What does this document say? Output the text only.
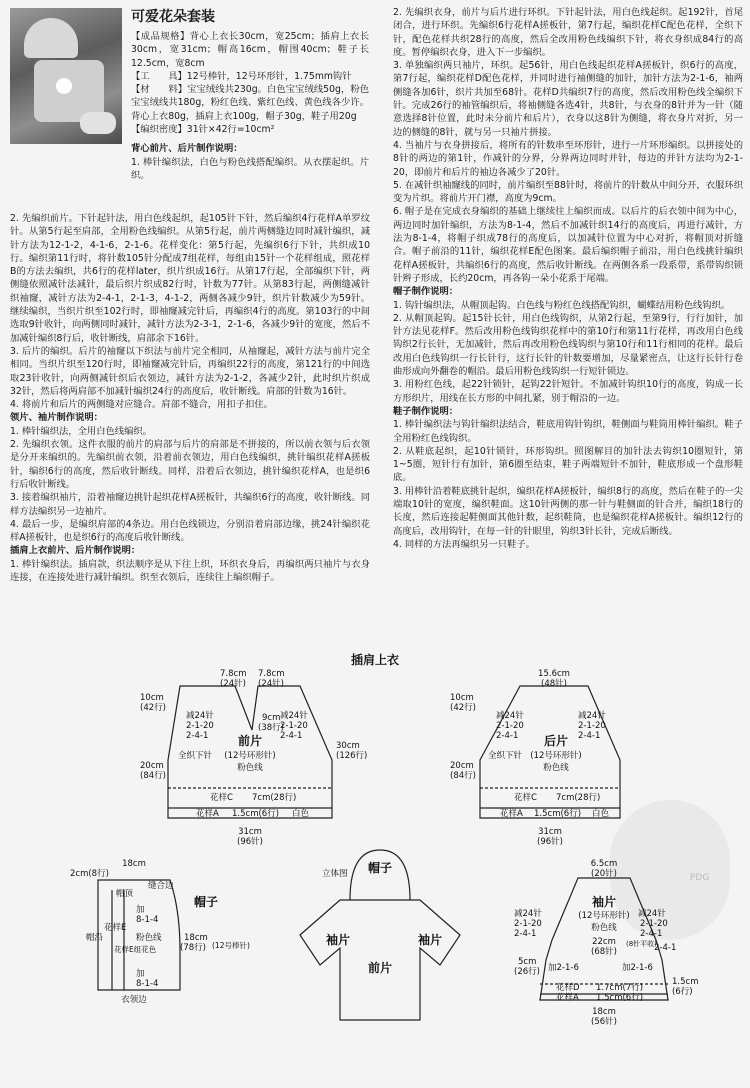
可爱花朵套装

【成品规格】背心上衣长30cm，宽25cm；插肩上衣长30cm，宽31cm；帽高16cm，帽围40cm；鞋子长12.5cm，宽8cm

【工　　具】12号棒针，12号环形针，1.75mm钩针

【材　　料】宝宝绒线共230g。白色宝宝绒线50g，粉色宝宝绒线共180g，粉红色线、紫红色线、黄色线各少许。背心上衣80g，插肩上衣100g，帽子30g，鞋子用20g

【编织密度】31针×42行=10cm²

背心前片、后片制作说明：

1. 棒针编织法，白色与粉色线搭配编织。从衣摆起织。片织。

2. 先编织前片。下针起针法，用白色线起织，起105针下针，然后编织4行花样A单罗纹针。从第5行起至肩部，全用粉色线编织。从第5行起，前片两侧缝边同时减针编织，减针方法为12-1-2，4-1-6，2-1-6。花样变化：第5行起，先编织6行下针，共织成10行。编织第11行时，将针数105针分配成7组花样，每组由15针一个花样组成，照花样B的方法去编织，共6行的花样later，织片织成16行。从第17行起，全部编织下针，两侧缝依照减针法减针，最后织片织成82行时，针数为77针。从第83行起，两侧缝减针织袖窿，减针方法为2-4-1，2-1-3，4-1-2，两侧各减少9针，织片针数减少为59针。继续编织，当织片织至102行时，即袖窿减完针后，再编织4行的高度。第103行的中间选取9针收针，向两侧同时减针，减针方法为2-3-1，2-1-6，各减少9针的宽度，然后不加减针编织8行后，收针断线，肩部余下16针。

3. 后片的编织。后片的袖窿以下织法与前片完全相同，从袖窿起，减针方法与前片完全相同。当织片织至120行时，即袖窿减完针后，再编织22行的高度，第121行的中间选取23针收针，向两侧减针织后衣领边，减针方法为2-1-2，各减少2针，此时织片织成32针，然后将两肩部不加减针编织24行的高度后，收针断线。肩部的针数为16针。

4. 将前片和后片的两侧缝对应缝合。肩部不缝合，用扣子扣住。

领片、袖片制作说明：

1. 棒针编织法，全用白色线编织。

2. 先编织衣领。这件衣服的前片的肩部与后片的肩部是不拼接的，所以前衣领与后衣领是分开来编织的。先编织前衣领，沿着前衣领边，用白色线编织，挑针编织花样A搓板针，编织6行的高度，然后收针断线。同样，沿着后衣领边，挑针编织花样A，也是织6行后收针断线。

3. 接着编织袖片，沿着袖窿边挑针起织花样A搓板针，共编织6行的高度，收针断线。同样方法编织另一边袖片。

4. 最后一步，是编织肩部的4条边。用白色线锁边，分别沿着肩部边缘，挑24针编织花样A搓板针，也是织6行的高度后收针断线。

插肩上衣前片、后片制作说明：

1. 棒针编织法。插肩款，织法顺序是从下往上织，环织衣身后，再编织两只袖片与衣身连接，在连接处进行减针编织。织至衣领后，连续往上编织帽子。

2. 先编织衣身，前片与后片进行环织。下针起针法，用白色线起织。起192针，首尾闭合，进行环织。先编织6行花样A搓板针，第7行起，编织花样C配色花样，全织下针，配色花样共织28行的高度，然后全改用粉色线编织下针，将衣身织成84行的高度。暂停编织衣身，进入下一步编织。

3. 单独编织两只袖片，环织。起56针，用白色线起织花样A搓板针，织6行的高度，第7行起，编织花样D配色花样，并同时进行袖侧缝的加针，加针方法为2-1-6，袖两侧缝各加6针，织片共加至68针。花样D共编织7行的高度，然后改用粉色线全编织下针。完成26行的袖管编织后，将袖侧缝各选4针，共8针，与衣身的8针并为一针（随意选择8针位置，此时未分前片和后片），衣身以这8针为侧缝，将衣身片对折，另一边的侧缝的8针，就与另一只袖片拼接。

4. 当袖片与衣身拼接后，将所有的针数串至环形针，进行一片环形编织。以拼接处的8针的两边的第1针，作减针的分界，分界两边同时并针，每边的并针方法均为2-1-20，即前片和后片的袖边各减少了20针。

5. 在减针织袖窿线的同时，前片编织至88针时，将前片的针数从中间分开，衣服环织变为片织。将前片开门襟，高度为9cm。

6. 帽子是在完成衣身编织的基础上继续往上编织而成。以后片的后衣领中间为中心，两边同时加针编织，方法为8-1-4，然后不加减针织14行的高度后，再进行减针，方法为8-1-4，将帽子织成78行的高度后，以加减针位置为中心对折，将帽顶对折缝合。帽子前沿的11针，编织花样E配色图案。最后编织帽子前沿，用白色线挑针编织花样A搓板针，共编织6行的高度，然后收针断线。在两侧各系一段系带，系带钩织锁针辫子形成，长约20cm，再各钩一朵小花系于尾端。

帽子制作说明：

1. 钩针编织法，从帽顶起钩。白色线与粉红色线搭配钩织，蝴蝶结用粉色线钩织。

2. 从帽顶起钩。起15针长针，用白色线钩织，从第2行起，至第9行，行行加针，加针方法见花样F。然后改用粉色线钩织花样中的第10行和第11行花样，再改用白色线钩织2行长针，无加减针，然后再改用粉色线钩织与第10行和11行相同的花样。最后改用白色线钩织一行长针行，这行长针的针数要增加，尽量紧密点，让这行长针行卷曲形成向外翻卷的帽沿。最后用粉色线钩织一行短针锁边。

3. 用粉红色线，起22针锁针，起钩22针短针。不加减针钩织10行的高度，钩成一长方形织片，用线在长方形的中间扎紧，别于帽沿的一边。

鞋子制作说明：

1. 棒针编织法与钩针编织法结合，鞋底用钩针钩织，鞋侧面与鞋筒用棒针编织。鞋子全用粉红色线钩织。

2. 从鞋底起织，起10针锁针，环形钩织。照图解目的加针法去钩织10圈短针，第1~5圈，短针行有加针，第6圈至结束，鞋子两端短针不加针，鞋底形成一个盘形鞋底。

3. 用棒针沿着鞋底挑针起织，编织花样A搓板针，编织8行的高度，然后在鞋子的一尖端取10针的宽度，编织鞋面。这10针两侧的那一针与鞋侧面的针合并，编织18行的长度，然后连接起鞋侧面其他针数，起织鞋筒，也是编织花样A搓板针。编织12行的高度后，改用钩针，在每一针的针眼里，钩织3针长针，完成后断线。

4. 同样的方法再编织另一只鞋子。

插肩上衣
7.8cm
(24针)
7.8cm
(24针)
9cm
(38行)
10cm
(42行)
减24针
2-1-20
2-4-1
减24针
2-1-20
2-4-1
前片
全织下针 (12号环形针)
粉色线
20cm
(84行)
30cm
(126行)
花样C 7cm(28行)
花样A 1.5cm(6行) 白色
31cm
(96针)
15.6cm
(48针)
10cm
(42行)
减24针
2-1-20
2-4-1
减24针
2-1-20
2-4-1
后片
全织下针 (12号环形针)
粉色线
20cm
(84行)
花样C 7cm(28行)
花样A 1.5cm(6行) 白色
31cm
(96针)
18cm
2cm(8行)
缝合边
帽顶
加
8-1-4
粉色线
花样E
花样E组花色
帽沿	18cm
(78行)
加
8-1-4
衣领边
帽子
(12号棒针)
立体图 帽子
袖片	袖片
前片
6.5cm
(20针)
袖片
(12号环形针)
粉色线
减24针
2-1-20
2-4-1
减24针
2-1-20
2-4-1
22cm
(68针)
(8针平收)
2-4-1
5cm
(26行) 加2-1-6	加2-1-6
花样D 1.7cm(7行)
花样A 1.5cm(6行)
1.5cm
(6行)
18cm
(56针)
PDG
